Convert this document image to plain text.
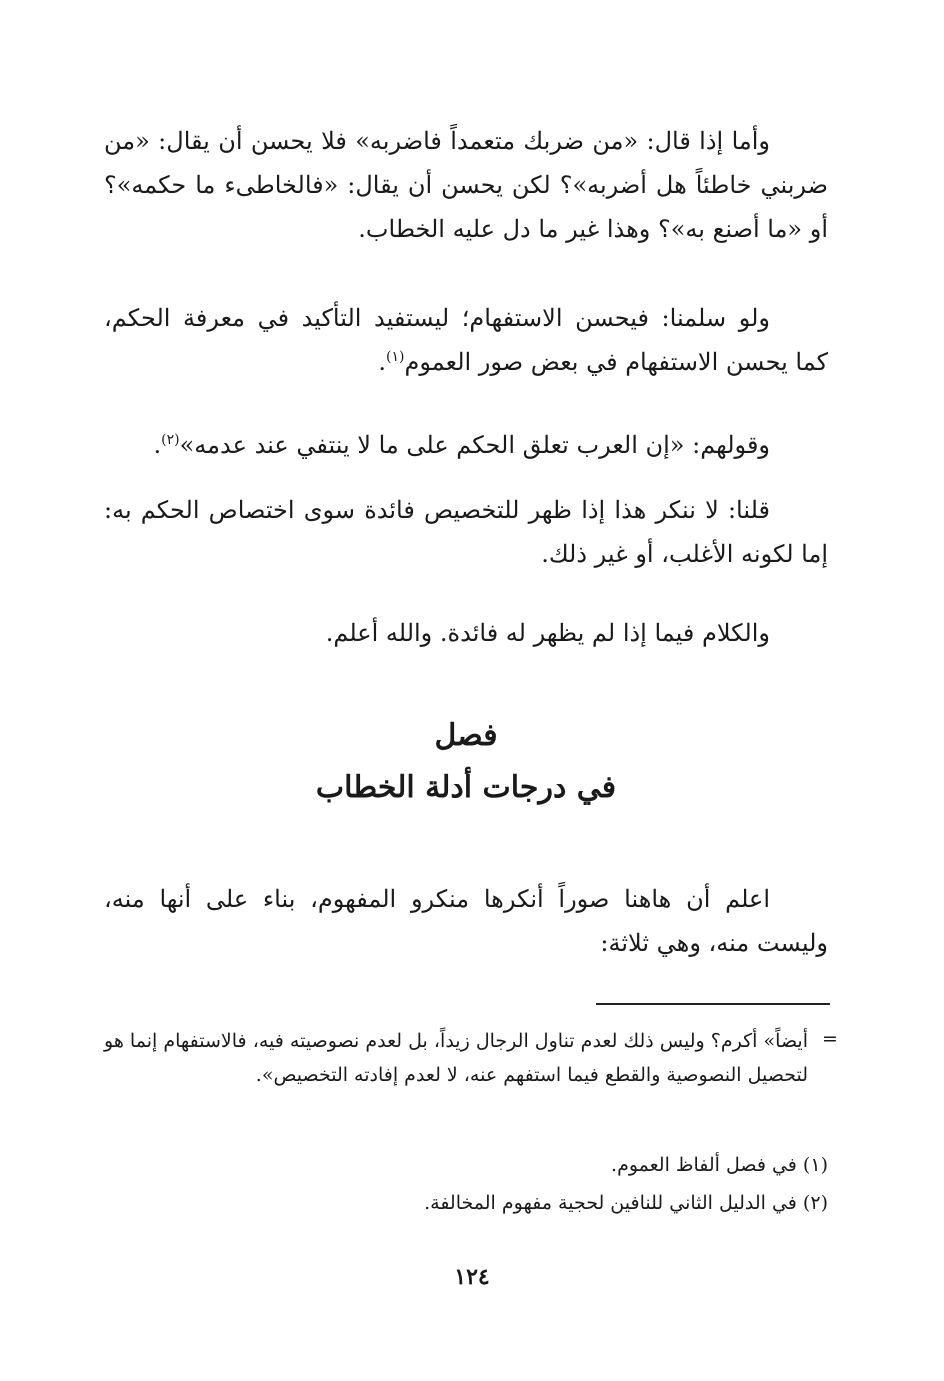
وأما إذا قال: «من ضربك متعمداً فاضربه» فلا يحسن أن يقال: «من ضربني خاطئاً هل أضربه»؟ لكن يحسن أن يقال: «فالخاطىء ما حكمه»؟ أو «ما أصنع به»؟ وهذا غير ما دل عليه الخطاب.

ولو سلمنا: فيحسن الاستفهام؛ ليستفيد التأكيد في معرفة الحكم، كما يحسن الاستفهام في بعض صور العموم$^{(١)}$.

وقولهم: «إن العرب تعلق الحكم على ما لا ينتفي عند عدمه»$^{(٢)}$.

قلنا: لا ننكر هذا إذا ظهر للتخصيص فائدة سوى اختصاص الحكم به: إما لكونه الأغلب، أو غير ذلك.

والكلام فيما إذا لم يظهر له فائدة. والله أعلم.

فصل
في درجات أدلة الخطاب

اعلم أن هاهنا صوراً أنكرها منكرو المفهوم، بناء على أنها منه، وليست منه، وهي ثلاثة:

=

أيضاً» أكرم؟ وليس ذلك لعدم تناول الرجال زيداً، بل لعدم نصوصيته فيه، فالاستفهام إنما هو لتحصيل النصوصية والقطع فيما استفهم عنه، لا لعدم إفادته التخصيص».

(١) في فصل ألفاظ العموم.

(٢) في الدليل الثاني للنافين لحجية مفهوم المخالفة.

١٢٤
